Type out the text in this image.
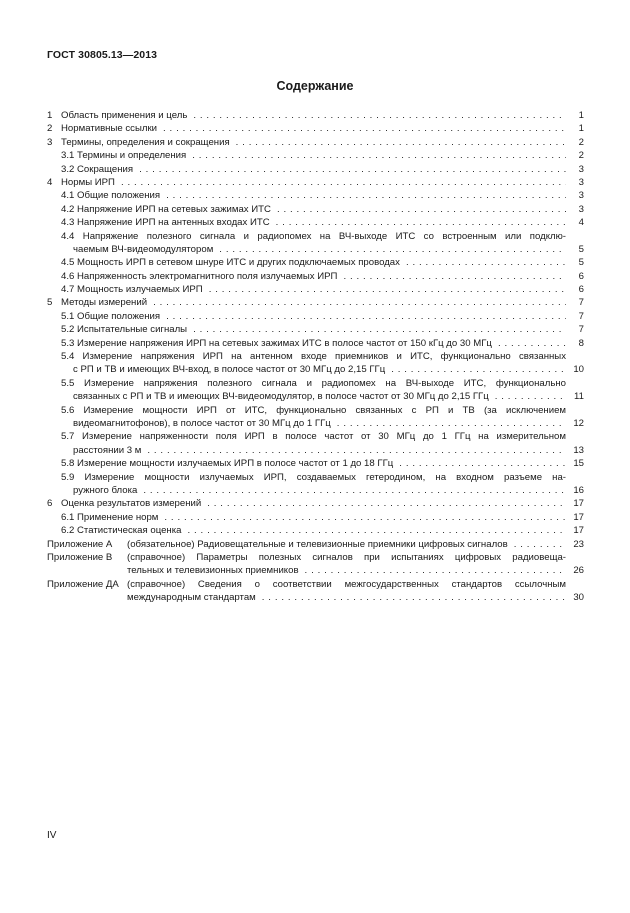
ГОСТ 30805.13—2013
Содержание
1 Область применения и цель . . .	1
2 Нормативные ссылки . . .	1
3 Термины, определения и сокращения . . .	2
3.1 Термины и определения . . .	2
3.2 Сокращения . . .	3
4 Нормы ИРП . . .	3
4.1 Общие положения . . .	3
4.2 Напряжение ИРП на сетевых зажимах ИТС . . .	3
4.3 Напряжение ИРП на антенных входах ИТС . . .	4
4.4 Напряжение полезного сигнала и радиопомех на ВЧ-выходе ИТС со встроенным или подклю-
чаемым ВЧ-видеомодулятором . . .	5
4.5 Мощность ИРП в сетевом шнуре ИТС и других подключаемых проводах . . .	5
4.6 Напряженность электромагнитного поля излучаемых ИРП . . .	6
4.7 Мощность излучаемых ИРП . . .	6
5 Методы измерений . . .	7
5.1 Общие положения . . .	7
5.2 Испытательные сигналы . . .	7
5.3 Измерение напряжения ИРП на сетевых зажимах ИТС в полосе частот от 150 кГц до 30 МГц . . .	8
5.4 Измерение напряжения ИРП на антенном входе приемников и ИТС, функционально связанных
с РП и ТВ и имеющих ВЧ-вход, в полосе частот от 30 МГц до 2,15 ГГц . . .	10
5.5 Измерение напряжения полезного сигнала и радиопомех на ВЧ-выходе ИТС, функционально
связанных с РП и ТВ и имеющих ВЧ-видеомодулятор, в полосе частот от 30 МГц до 2,15 ГГц . . .	11
5.6 Измерение мощности ИРП от ИТС, функционально связанных с РП и ТВ (за исключением
видеомагнитофонов), в полосе частот от 30 МГц до 1 ГГц . . .	12
5.7 Измерение напряженности поля ИРП в полосе частот от 30 МГц до 1 ГГц на измерительном
расстоянии 3 м . . .	13
5.8 Измерение мощности излучаемых ИРП в полосе частот от 1 до 18 ГГц . . .	15
5.9 Измерение мощности излучаемых ИРП, создаваемых гетеродином, на входном разъеме на-
ружного блока . . .	16
6 Оценка результатов измерений . . .	17
6.1 Применение норм . . .	17
6.2 Статистическая оценка . . .	17
Приложение А	(обязательное) Радиовещательные и телевизионные приемники цифровых сигналов . . .	23
Приложение В	(справочное) Параметры полезных сигналов при испытаниях цифровых радиовеща-
тельных и телевизионных приемников . . .	26
Приложение ДА (справочное) Сведения о соответствии межгосударственных стандартов ссылочным
международным стандартам . . .	30
IV
